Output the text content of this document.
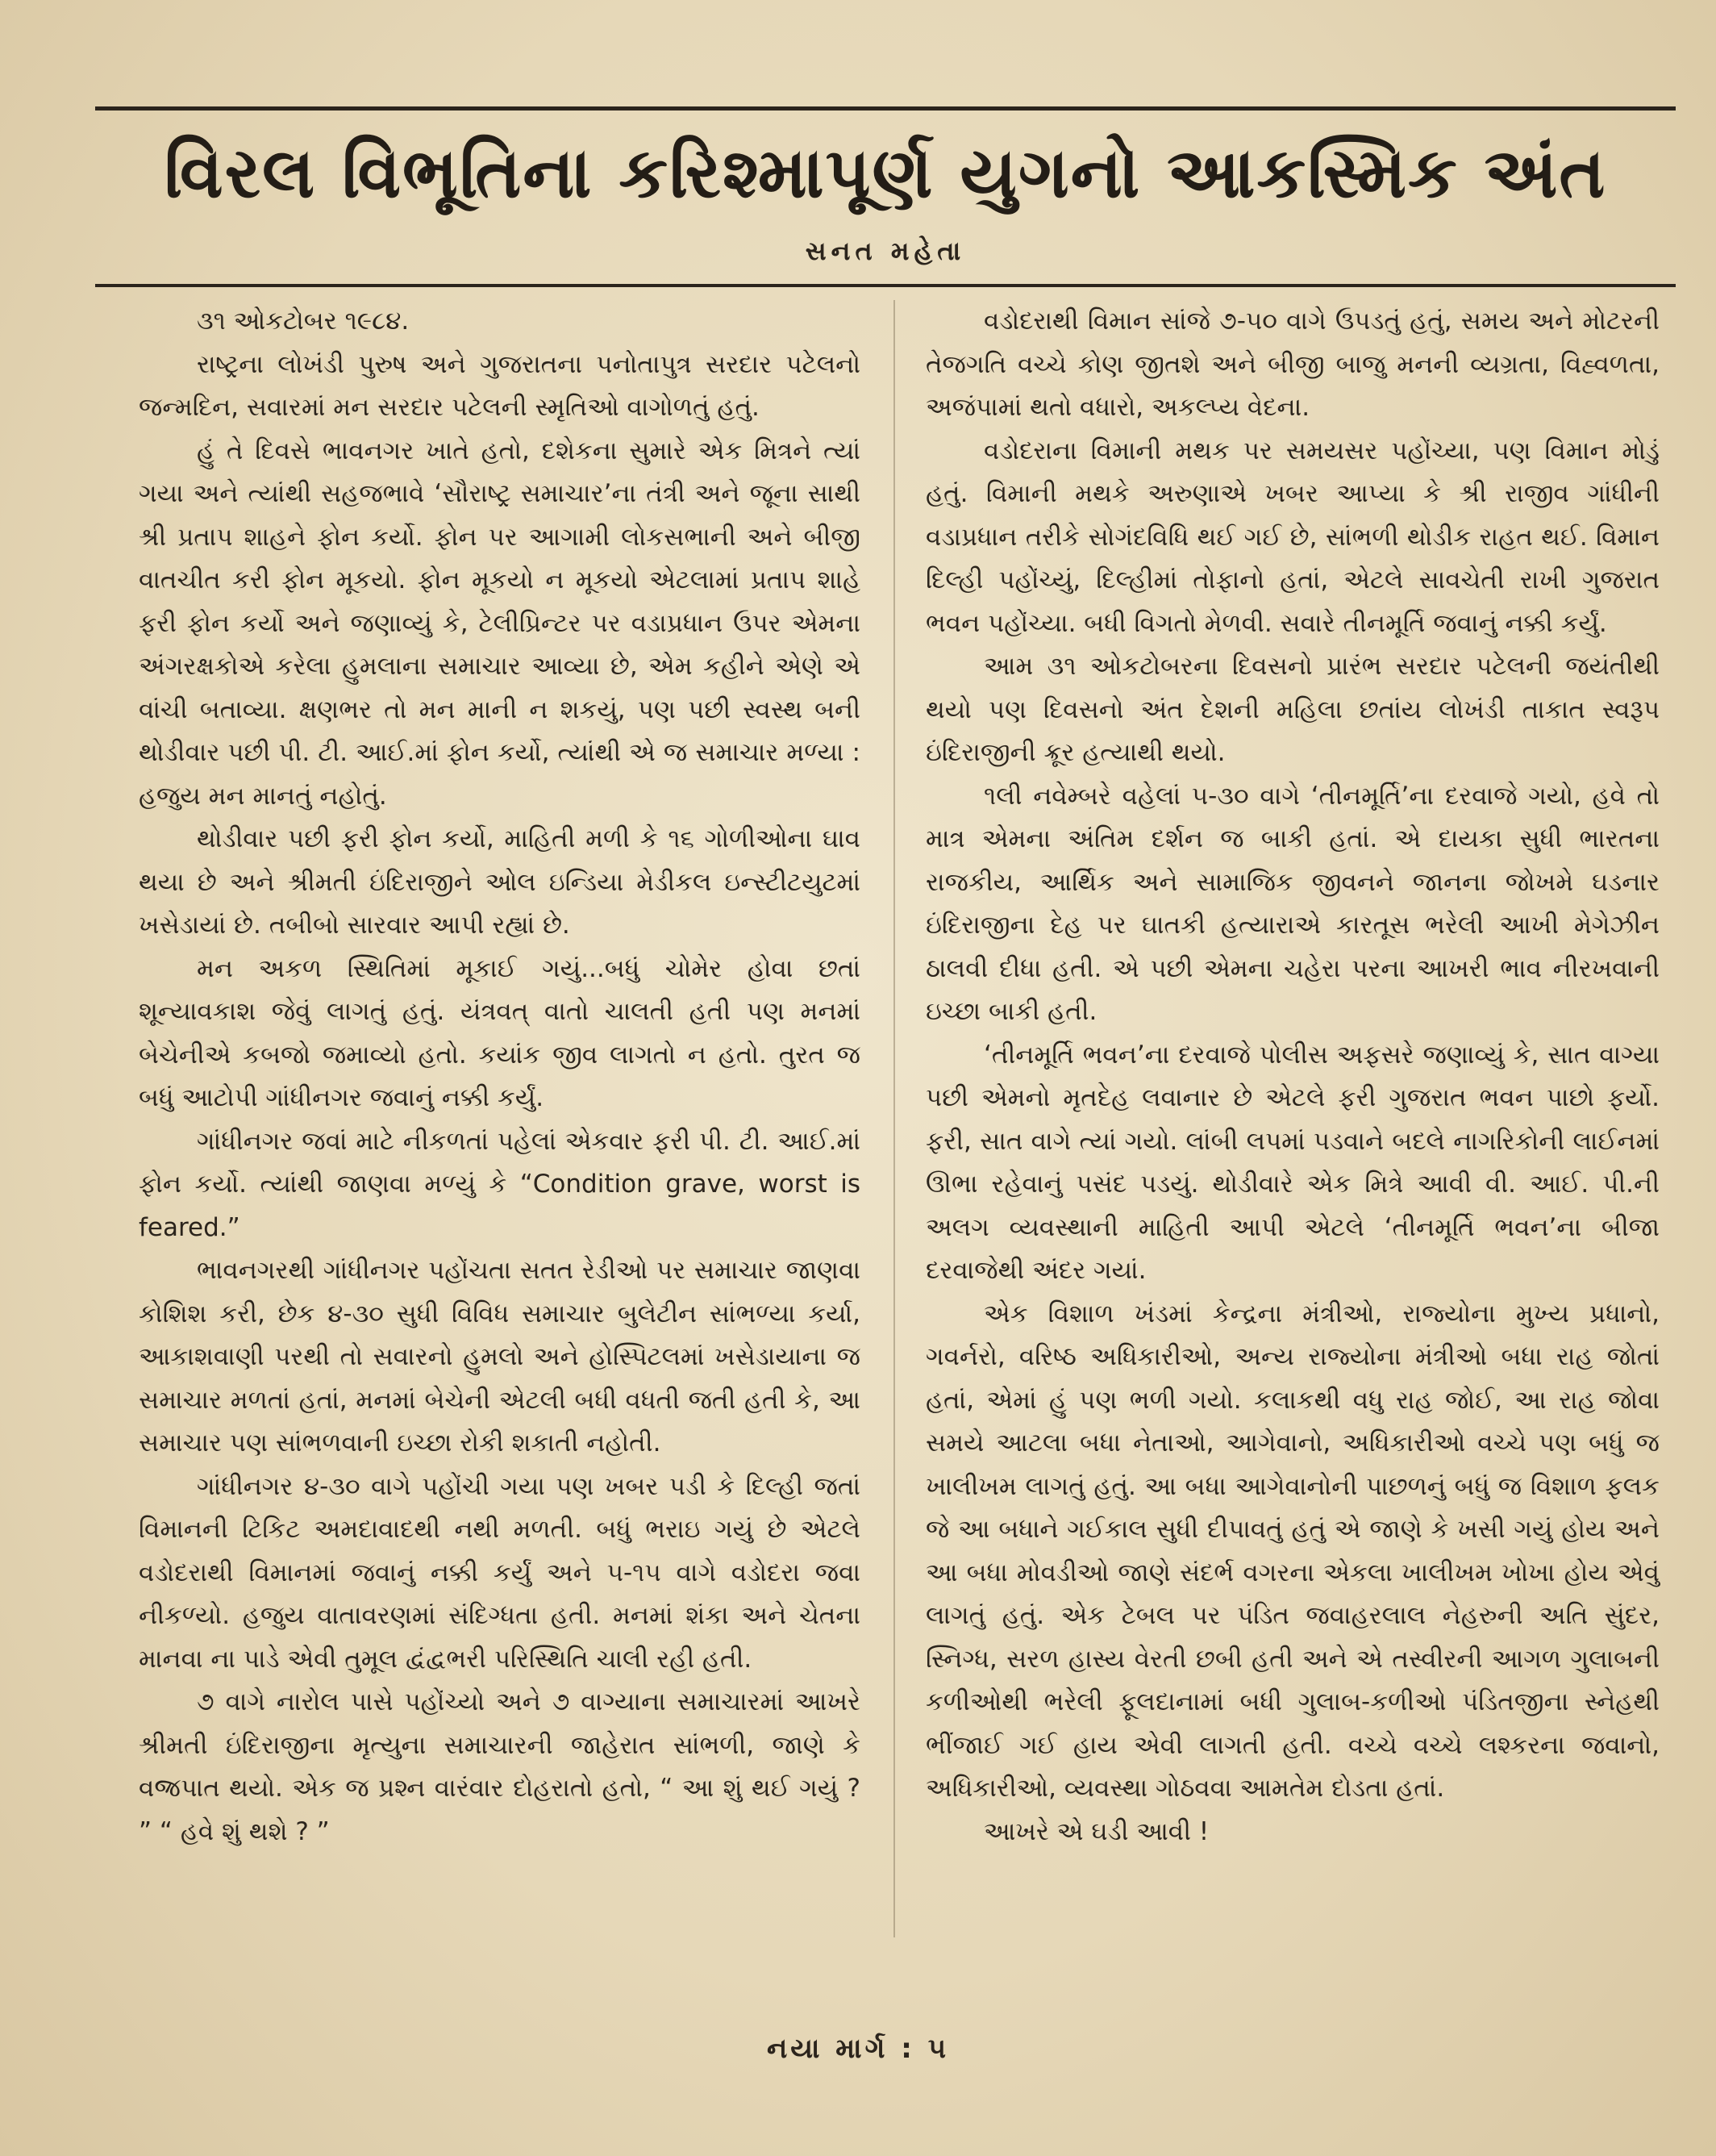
વિરલ વિભૂતિના કરિશ્માપૂર્ણ યુગનો આકસ્મિક અંત
સનત મહેતા

૩૧ ઓકટોબર ૧૯૮૪.

રાષ્ટ્રના લોખંડી પુરુષ અને ગુજરાતના પનોતાપુત્ર સરદાર પટેલનો જન્મદિન, સવારમાં મન સરદાર પટેલની સ્મૃતિઓ વાગોળતું હતું.

હું તે દિવસે ભાવનગર ખાતે હતો, દશેકના સુમારે એક મિત્રને ત્યાં ગયા અને ત્યાંથી સહજભાવે ‘સૌરાષ્ટ્ર સમાચાર’ના તંત્રી અને જૂના સાથી શ્રી પ્રતાપ શાહને ફોન કર્યો. ફોન પર આગામી લોકસભાની અને બીજી વાતચીત કરી ફોન મૂકયો. ફોન મૂકયો ન મૂકયો એટલામાં પ્રતાપ શાહે ફરી ફોન કર્યો અને જણાવ્યું કે, ટેલીપ્રિન્ટર પર વડાપ્રધાન ઉપર એમના અંગરક્ષકોએ કરેલા હુમલાના સમાચાર આવ્યા છે, એમ કહીને એણે એ વાંચી બતાવ્યા. ક્ષણભર તો મન માની ન શકયું, પણ પછી સ્વસ્થ બની થોડીવાર પછી પી. ટી. આઈ.માં ફોન કર્યો, ત્યાંથી એ જ સમાચાર મળ્યા : હજુય મન માનતું નહોતું.

થોડીવાર પછી ફરી ફોન કર્યો, માહિતી મળી કે ૧૬ ગોળીઓના ઘાવ થયા છે અને શ્રીમતી ઇંદિરાજીને ઓલ ઇન્ડિયા મેડીકલ ઇન્સ્ટીટયુટમાં ખસેડાયાં છે. તબીબો સારવાર આપી રહ્યાં છે.

મન અકળ સ્થિતિમાં મૂકાઈ ગયું...બધું ચોમેર હોવા છતાં શૂન્યાવકાશ જેવું લાગતું હતું. યંત્રવત્ વાતો ચાલતી હતી પણ મનમાં બેચેનીએ કબજો જમાવ્યો હતો. કયાંક જીવ લાગતો ન હતો. તુરત જ બધું આટોપી ગાંધીનગર જવાનું નક્કી કર્યું.

ગાંધીનગર જવાં માટે નીકળતાં પહેલાં એકવાર ફરી પી. ટી. આઈ.માં ફોન કર્યો. ત્યાંથી જાણવા મળ્યું કે “Condition grave, worst is feared.”

ભાવનગરથી ગાંધીનગર પહોંચતા સતત રેડીઓ પર સમાચાર જાણવા કોશિશ કરી, છેક ૪-૩૦ સુધી વિવિધ સમાચાર બુલેટીન સાંભળ્યા કર્યા, આકાશવાણી પરથી તો સવારનો હુમલો અને હોસ્પિટલમાં ખસેડાયાના જ સમાચાર મળતાં હતાં, મનમાં બેચેની એટલી બધી વધતી જતી હતી કે, આ સમાચાર પણ સાંભળવાની ઇચ્છા રોકી શકાતી નહોતી.

ગાંધીનગર ૪-૩૦ વાગે પહોંચી ગયા પણ ખબર પડી કે દિલ્હી જતાં વિમાનની ટિકિટ અમદાવાદથી નથી મળતી. બધું ભરાઇ ગયું છે એટલે વડોદરાથી વિમાનમાં જવાનું નક્કી કર્યું અને ૫-૧૫ વાગે વડોદરા જવા નીકળ્યો. હજુય વાતાવરણમાં સંદિગ્ધતા હતી. મનમાં શંકા અને ચેતના માનવા ના પાડે એવી તુમૂલ દ્વંદ્વભરી પરિસ્થિતિ ચાલી રહી હતી.

૭ વાગે નારોલ પાસે પહોંચ્યો અને ૭ વાગ્યાના સમાચારમાં આખરે શ્રીમતી ઇંદિરાજીના મૃત્યુના સમાચારની જાહેરાત સાંભળી, જાણે કે વજ્રપાત થયો. એક જ પ્રશ્ન વારંવાર દોહરાતો હતો, “ આ શું થઈ ગયું ? ” “ હવે શું થશે ? ”

વડોદરાથી વિમાન સાંજે ૭-૫૦ વાગે ઉપડતું હતું, સમય અને મોટરની તેજગતિ વચ્ચે કોણ જીતશે અને બીજી બાજુ મનની વ્યગ્રતા, વિહ્વળતા, અજંપામાં થતો વધારો, અકલ્પ્ય વેદના.

વડોદરાના વિમાની મથક પર સમયસર પહોંચ્યા, પણ વિમાન મોડું હતું. વિમાની મથકે અરુણાએ ખબર આપ્યા કે શ્રી રાજીવ ગાંધીની વડાપ્રધાન તરીકે સોગંદવિધિ થઈ ગઈ છે, સાંભળી થોડીક રાહત થઈ. વિમાન દિલ્હી પહોંચ્યું, દિલ્હીમાં તોફાનો હતાં, એટલે સાવચેતી રાખી ગુજરાત ભવન પહોંચ્યા. બધી વિગતો મેળવી. સવારે તીનમૂર્તિ જવાનું નક્કી કર્યું.

આમ ૩૧ ઓકટોબરના દિવસનો પ્રારંભ સરદાર પટેલની જયંતીથી થયો પણ દિવસનો અંત દેશની મહિલા છતાંય લોખંડી તાકાત સ્વરૂપ ઇંદિરાજીની ક્રૂર હત્યાથી થયો.

૧લી નવેમ્બરે વહેલાં ૫-૩૦ વાગે ‘તીનમૂર્તિ’ના દરવાજે ગયો, હવે તો માત્ર એમના અંતિમ દર્શન જ બાકી હતાં. એ દાયકા સુધી ભારતના રાજકીય, આર્થિક અને સામાજિક જીવનને જાનના જોખમે ઘડનાર ઇંદિરાજીના દેહ પર ઘાતકી હત્યારાએ કારતૂસ ભરેલી આખી મેગેઝીન ઠાલવી દીધા હતી. એ પછી એમના ચહેરા પરના આખરી ભાવ નીરખવાની ઇચ્છા બાકી હતી.

‘તીનમૂર્તિ ભવન’ના દરવાજે પોલીસ અફસરે જણાવ્યું કે, સાત વાગ્યા પછી એમનો મૃતદેહ લવાનાર છે એટલે ફરી ગુજરાત ભવન પાછો ફર્યો. ફરી, સાત વાગે ત્યાં ગયો. લાંબી લપમાં પડવાને બદલે નાગરિકોની લાઈનમાં ઊભા રહેવાનું પસંદ પડયું. થોડીવારે એક મિત્રે આવી વી. આઈ. પી.ની અલગ વ્યવસ્થાની માહિતી આપી એટલે ‘તીનમૂર્તિ ભવન’ના બીજા દરવાજેથી અંદર ગયાં.

એક વિશાળ ખંડમાં કેન્દ્રના મંત્રીઓ, રાજ્યોના મુખ્ય પ્રધાનો, ગવર્નરો, વરિષ્ઠ અધિકારીઓ, અન્ય રાજ્યોના મંત્રીઓ બધા રાહ જોતાં હતાં, એમાં હું પણ ભળી ગયો. કલાકથી વધુ રાહ જોઈ, આ રાહ જોવા સમયે આટલા બધા નેતાઓ, આગેવાનો, અધિકારીઓ વચ્ચે પણ બધું જ ખાલીખમ લાગતું હતું. આ બધા આગેવાનોની પાછળનું બધું જ વિશાળ ફલક જે આ બધાને ગઈકાલ સુધી દીપાવતું હતું એ જાણે કે ખસી ગયું હોય અને આ બધા મોવડીઓ જાણે સંદર્ભ વગરના એકલા ખાલીખમ ખોખા હોય એવું લાગતું હતું. એક ટેબલ પર પંડિત જવાહરલાલ નેહરુની અતિ સુંદર, સ્નિગ્ધ, સરળ હાસ્ય વેરતી છબી હતી અને એ તસ્વીરની આગળ ગુલાબની કળીઓથી ભરેલી ફૂલદાનામાં બધી ગુલાબ-કળીઓ પંડિતજીના સ્નેહથી ભીંજાઈ ગઈ હાય એવી લાગતી હતી. વચ્ચે વચ્ચે લશ્કરના જવાનો, અધિકારીઓ, વ્યવસ્થા ગોઠવવા આમતેમ દોડતા હતાં.

આખરે એ ઘડી આવી !

નયા માર્ગ : ૫
